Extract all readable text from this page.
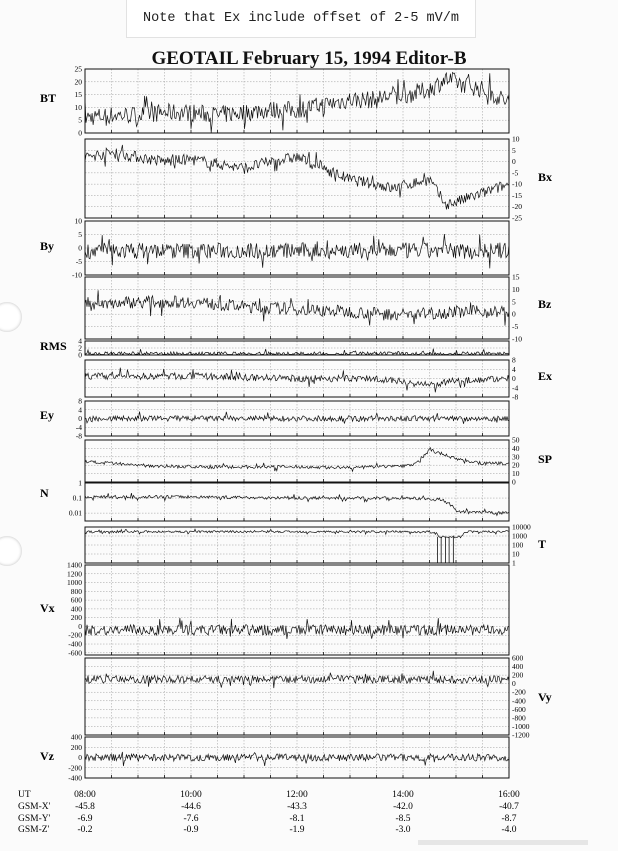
Note that Ex include offset of 2-5 mV/m
GEOTAIL February 15, 1994 Editor-B
25
20
15
10
5
0
BT
10
5
0
-5
-10
-15
-20
-25
Bx
10
5
0
-5
-10
By
15
10
5
0
-5
-10
Bz
4
2
0
RMS
8
4
0
-4
-8
Ex
8
4
0
-4
-8
Ey
50
40
30
20
10
0
SP
1
0.1
0.01
N
10000
1000
100
10
1
T
1400
1200
1000
800
600
400
200
0
-200
-400
-600
Vx
600
400
200
0
-200
-400
-600
-800
-1000
-1200
Vy
400
200
0
-200
-400
Vz
UT
GSM-X'
GSM-Y'
GSM-Z'
08:00
-45.8
-6.9
-0.2
10:00
-44.6
-7.6
-0.9
12:00
-43.3
-8.1
-1.9
14:00
-42.0
-8.5
-3.0
16:00
-40.7
-8.7
-4.0
